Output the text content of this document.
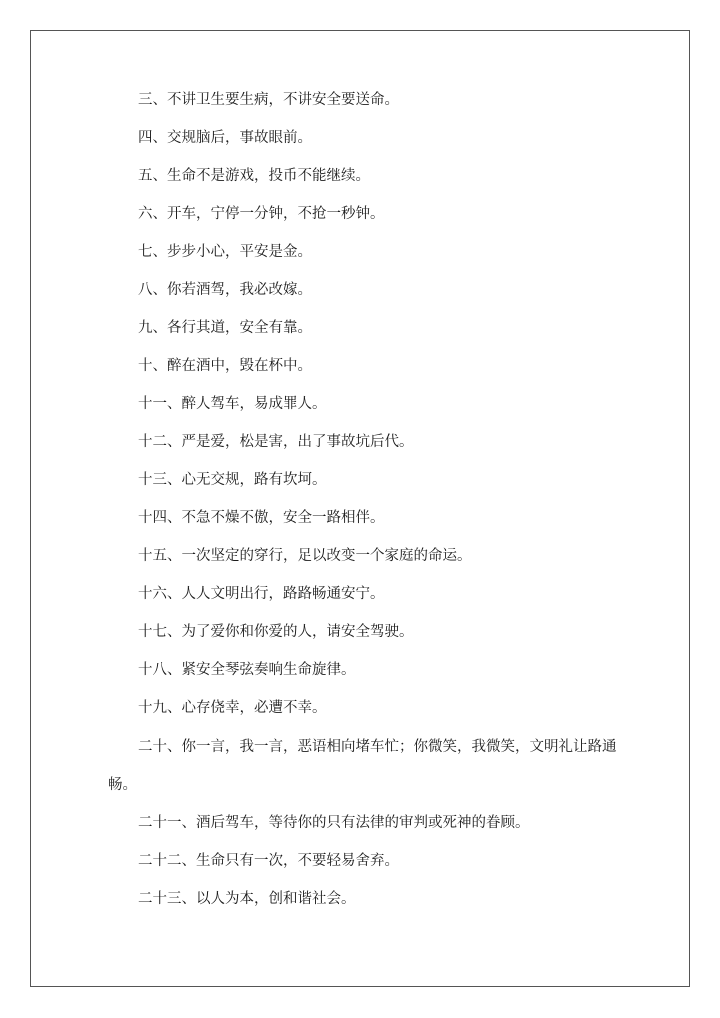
三、不讲卫生要生病，不讲安全要送命。

四、交规脑后，事故眼前。

五、生命不是游戏，投币不能继续。

六、开车，宁停一分钟，不抢一秒钟。

七、步步小心，平安是金。

八、你若酒驾，我必改嫁。

九、各行其道，安全有靠。

十、醉在酒中，毁在杯中。

十一、醉人驾车，易成罪人。

十二、严是爱，松是害，出了事故坑后代。

十三、心无交规，路有坎坷。

十四、不急不燥不傲，安全一路相伴。

十五、一次坚定的穿行，足以改变一个家庭的命运。

十六、人人文明出行，路路畅通安宁。

十七、为了爱你和你爱的人，请安全驾驶。

十八、紧安全琴弦奏响生命旋律。

十九、心存侥幸，必遭不幸。

二十、你一言，我一言，恶语相向堵车忙；你微笑，我微笑，文明礼让路通畅。

二十一、酒后驾车，等待你的只有法律的审判或死神的眷顾。

二十二、生命只有一次，不要轻易舍弃。

二十三、以人为本，创和谐社会。
